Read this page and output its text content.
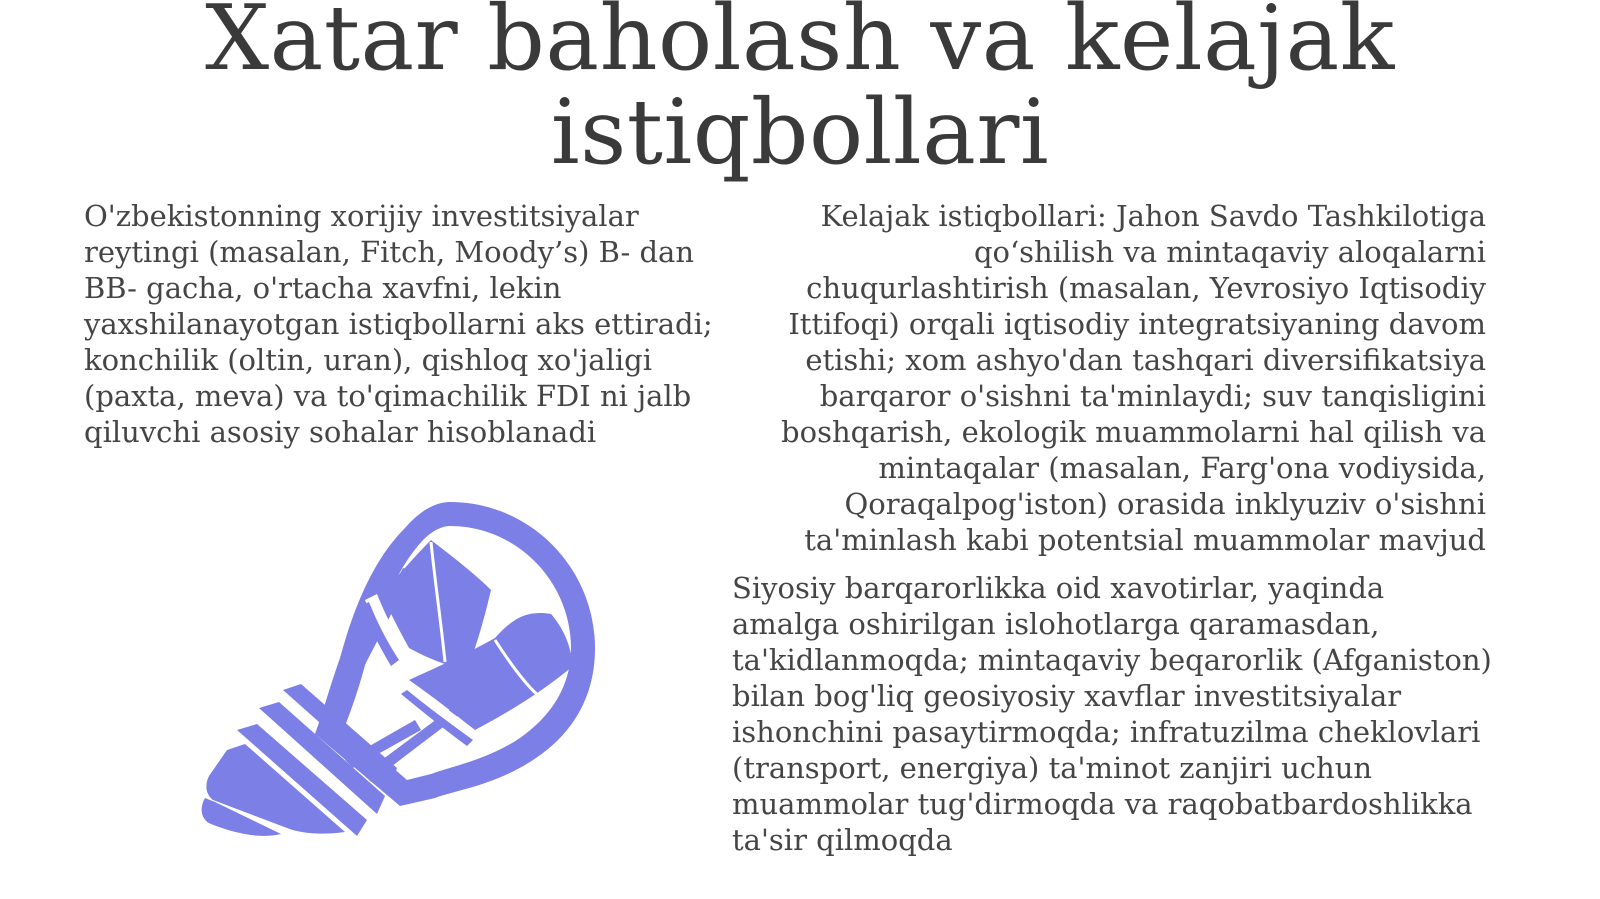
Xatar baholash va kelajak
istiqbollari

O'zbekistonning xorijiy investitsiyalar
reytingi (masalan, Fitch, Moody’s) B- dan
BB- gacha, o'rtacha xavfni, lekin
yaxshilanayotgan istiqbollarni aks ettiradi;
konchilik (oltin, uran), qishloq xo'jaligi
(paxta, meva) va to'qimachilik FDI ni jalb
qiluvchi asosiy sohalar hisoblanadi

Kelajak istiqbollari: Jahon Savdo Tashkilotiga
qo‘shilish va mintaqaviy aloqalarni
chuqurlashtirish (masalan, Yevrosiyo Iqtisodiy
Ittifoqi) orqali iqtisodiy integratsiyaning davom
etishi; xom ashyo'dan tashqari diversifikatsiya
barqaror o'sishni ta'minlaydi; suv tanqisligini
boshqarish, ekologik muammolarni hal qilish va
mintaqalar (masalan, Farg'ona vodiysida,
Qoraqalpog'iston) orasida inklyuziv o'sishni
ta'minlash kabi potentsial muammolar mavjud

Siyosiy barqarorlikka oid xavotirlar, yaqinda
amalga oshirilgan islohotlarga qaramasdan,
ta'kidlanmoqda; mintaqaviy beqarorlik (Afganiston)
bilan bog'liq geosiyosiy xavflar investitsiyalar
ishonchini pasaytirmoqda; infratuzilma cheklovlari
(transport, energiya) ta'minot zanjiri uchun
muammolar tug'dirmoqda va raqobatbardoshlikka
ta'sir qilmoqda
